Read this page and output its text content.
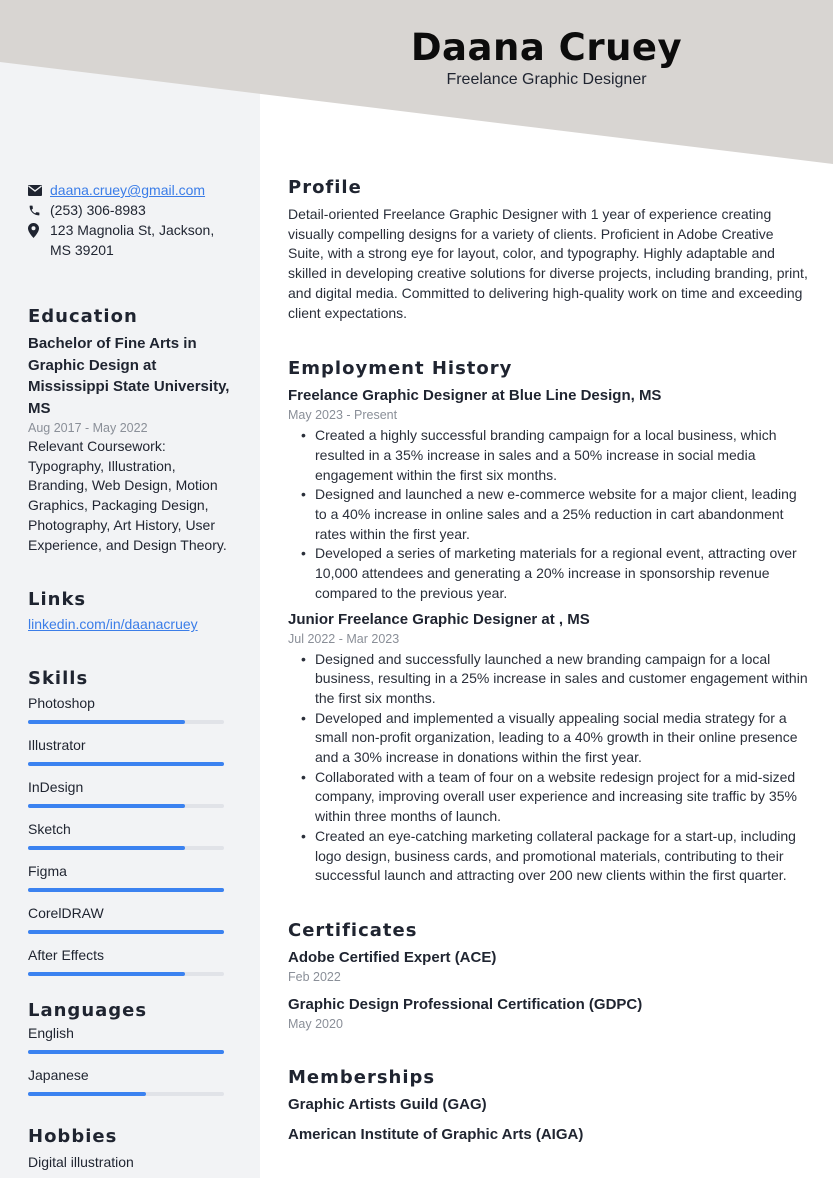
Daana Cruey
Freelance Graphic Designer
daana.cruey@gmail.com
(253) 306-8983
123 Magnolia St, Jackson, MS 39201
Education
Bachelor of Fine Arts in Graphic Design at Mississippi State University, MS
Aug 2017 - May 2022
Relevant Coursework: Typography, Illustration, Branding, Web Design, Motion Graphics, Packaging Design, Photography, Art History, User Experience, and Design Theory.
Links
linkedin.com/in/daanacruey
Skills
Photoshop
Illustrator
InDesign
Sketch
Figma
CorelDRAW
After Effects
Languages
English
Japanese
Hobbies
Digital illustration
Profile
Detail-oriented Freelance Graphic Designer with 1 year of experience creating visually compelling designs for a variety of clients. Proficient in Adobe Creative Suite, with a strong eye for layout, color, and typography. Highly adaptable and skilled in developing creative solutions for diverse projects, including branding, print, and digital media. Committed to delivering high-quality work on time and exceeding client expectations.
Employment History
Freelance Graphic Designer at Blue Line Design, MS
May 2023 - Present
• Created a highly successful branding campaign for a local business, which resulted in a 35% increase in sales and a 50% increase in social media engagement within the first six months.
• Designed and launched a new e-commerce website for a major client, leading to a 40% increase in online sales and a 25% reduction in cart abandonment rates within the first year.
• Developed a series of marketing materials for a regional event, attracting over 10,000 attendees and generating a 20% increase in sponsorship revenue compared to the previous year.
Junior Freelance Graphic Designer at , MS
Jul 2022 - Mar 2023
• Designed and successfully launched a new branding campaign for a local business, resulting in a 25% increase in sales and customer engagement within the first six months.
• Developed and implemented a visually appealing social media strategy for a small non-profit organization, leading to a 40% growth in their online presence and a 30% increase in donations within the first year.
• Collaborated with a team of four on a website redesign project for a mid-sized company, improving overall user experience and increasing site traffic by 35% within three months of launch.
• Created an eye-catching marketing collateral package for a start-up, including logo design, business cards, and promotional materials, contributing to their successful launch and attracting over 200 new clients within the first quarter.
Certificates
Adobe Certified Expert (ACE)
Feb 2022
Graphic Design Professional Certification (GDPC)
May 2020
Memberships
Graphic Artists Guild (GAG)
American Institute of Graphic Arts (AIGA)
